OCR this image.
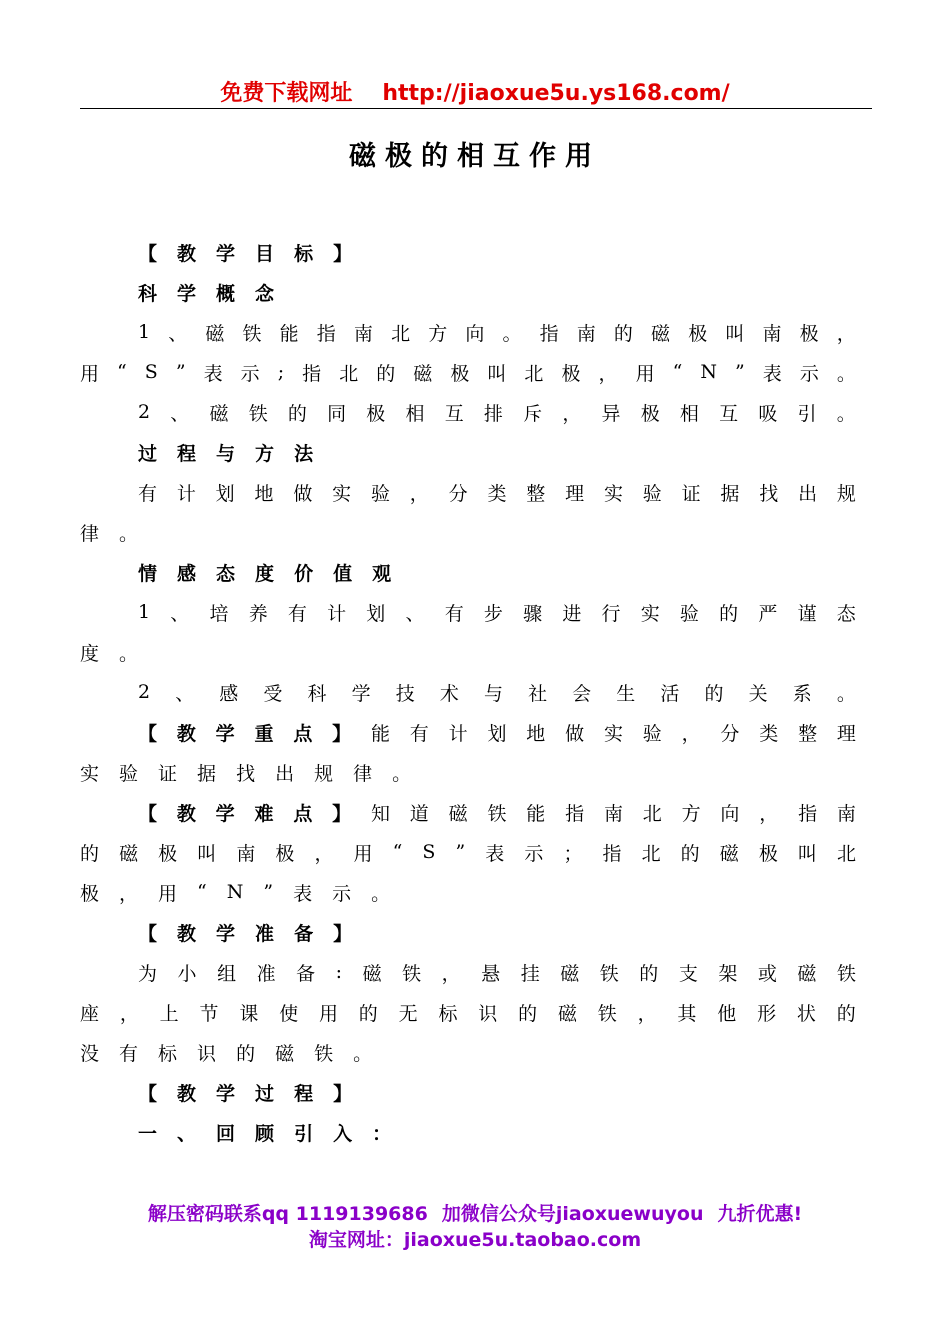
免费下载网址 http://jiaoxue5u.ys168.com/
磁极的相互作用
【 教 学 目 标 】
科 学 概 念
1 、 磁 铁 能 指 南 北 方 向 。 指 南 的 磁 极 叫 南 极 ，
用 “ S ” 表 示 ; 指 北 的 磁 极 叫 北 极 ， 用 “ N ” 表 示 。
2 、 磁 铁 的 同 极 相 互 排 斥 ， 异 极 相 互 吸 引 。
过 程 与 方 法
有 计 划 地 做 实 验 ， 分 类 整 理 实 验 证 据 找 出 规
律 。
情 感 态 度 价 值 观
1 、 培 养 有 计 划 、 有 步 骤 进 行 实 验 的 严 谨 态
度 。
2 、 感 受 科 学 技 术 与 社 会 生 活 的 关 系 。
【 教 学 重 点 】 能 有 计 划 地 做 实 验 ， 分 类 整 理
实 验 证 据 找 出 规 律 。
【 教 学 难 点 】 知 道 磁 铁 能 指 南 北 方 向 ， 指 南
的 磁 极 叫 南 极 ， 用 “ S ” 表 示 ； 指 北 的 磁 极 叫 北
极 ， 用 “ N ” 表 示 。
【 教 学 准 备 】
为 小 组 准 备 : 磁 铁 ， 悬 挂 磁 铁 的 支 架 或 磁 铁
座 ， 上 节 课 使 用 的 无 标 识 的 磁 铁 ， 其 他 形 状 的
没 有 标 识 的 磁 铁 。
【 教 学 过 程 】
一 、 回 顾 引 入 ：
解压密码联系qq 1119139686 加微信公众号jiaoxuewuyou 九折优惠!
淘宝网址：jiaoxue5u.taobao.com
